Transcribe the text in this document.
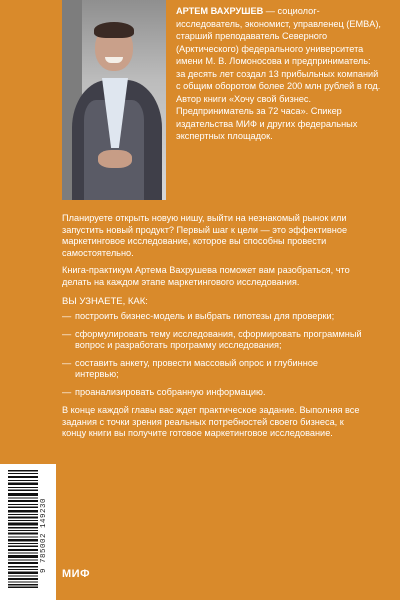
АРТЕМ ВАХРУШЕВ — социолог-исследователь, экономист, управленец (EMBA), старший преподаватель Северного (Арктического) федерального университета имени М. В. Ломоносова и предприниматель: за десять лет создал 13 прибыльных компаний с общим оборотом более 200 млн рублей в год. Автор книги «Хочу свой бизнес. Предприниматель за 72 часа». Спикер издательства МИФ и других федеральных экспертных площадок.

Планируете открыть новую нишу, выйти на незнакомый рынок или запустить новый продукт? Первый шаг к цели — это эффективное маркетинговое исследование, которое вы способны провести самостоятельно.

Книга-практикум Артема Вахрушева поможет вам разобраться, что делать на каждом этапе маркетингового исследования.

ВЫ УЗНАЕТЕ, КАК:

— построить бизнес-модель и выбрать гипотезы для проверки;
— сформулировать тему исследования, сформировать программный вопрос и разработать программу исследования;
— составить анкету, провести массовый опрос и глубинное интервью;
— проанализировать собранную информацию.

В конце каждой главы вас ждет практическое задание. Выполняя все задания с точки зрения реальных потребностей своего бизнеса, к концу книги вы получите готовое маркетинговое исследование.

9 785002 149230
МИФ
